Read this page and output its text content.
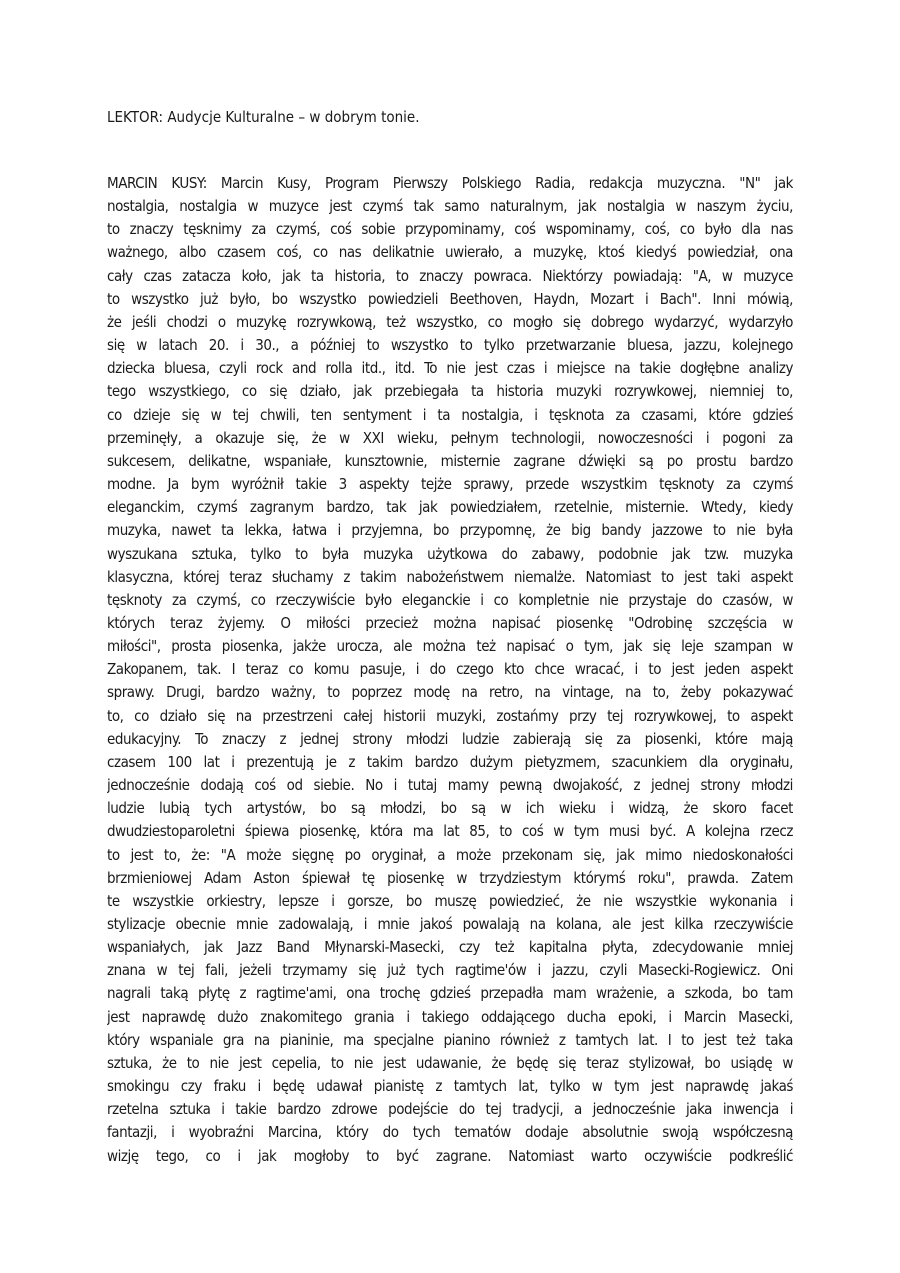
LEKTOR: Audycje Kulturalne – w dobrym tonie.
MARCIN KUSY: Marcin Kusy, Program Pierwszy Polskiego Radia, redakcja muzyczna. "N" jak
nostalgia, nostalgia w muzyce jest czymś tak samo naturalnym, jak nostalgia w naszym życiu,
to znaczy tęsknimy za czymś, coś sobie przypominamy, coś wspominamy, coś, co było dla nas
ważnego, albo czasem coś, co nas delikatnie uwierało, a muzykę, ktoś kiedyś powiedział, ona
cały czas zatacza koło, jak ta historia, to znaczy powraca. Niektórzy powiadają: "A, w muzyce
to wszystko już było, bo wszystko powiedzieli Beethoven, Haydn, Mozart i Bach". Inni mówią,
że jeśli chodzi o muzykę rozrywkową, też wszystko, co mogło się dobrego wydarzyć, wydarzyło
się w latach 20. i 30., a później to wszystko to tylko przetwarzanie bluesa, jazzu, kolejnego
dziecka bluesa, czyli rock and rolla itd., itd. To nie jest czas i miejsce na takie dogłębne analizy
tego wszystkiego, co się działo, jak przebiegała ta historia muzyki rozrywkowej, niemniej to,
co dzieje się w tej chwili, ten sentyment i ta nostalgia, i tęsknota za czasami, które gdzieś
przeminęły, a okazuje się, że w XXI wieku, pełnym technologii, nowoczesności i pogoni za
sukcesem, delikatne, wspaniałe, kunsztownie, misternie zagrane dźwięki są po prostu bardzo
modne. Ja bym wyróżnił takie 3 aspekty tejże sprawy, przede wszystkim tęsknoty za czymś
eleganckim, czymś zagranym bardzo, tak jak powiedziałem, rzetelnie, misternie. Wtedy, kiedy
muzyka, nawet ta lekka, łatwa i przyjemna, bo przypomnę, że big bandy jazzowe to nie była
wyszukana sztuka, tylko to była muzyka użytkowa do zabawy, podobnie jak tzw. muzyka
klasyczna, której teraz słuchamy z takim nabożeństwem niemalże. Natomiast to jest taki aspekt
tęsknoty za czymś, co rzeczywiście było eleganckie i co kompletnie nie przystaje do czasów, w
których teraz żyjemy. O miłości przecież można napisać piosenkę "Odrobinę szczęścia w
miłości", prosta piosenka, jakże urocza, ale można też napisać o tym, jak się leje szampan w
Zakopanem, tak. I teraz co komu pasuje, i do czego kto chce wracać, i to jest jeden aspekt
sprawy. Drugi, bardzo ważny, to poprzez modę na retro, na vintage, na to, żeby pokazywać
to, co działo się na przestrzeni całej historii muzyki, zostańmy przy tej rozrywkowej, to aspekt
edukacyjny. To znaczy z jednej strony młodzi ludzie zabierają się za piosenki, które mają
czasem 100 lat i prezentują je z takim bardzo dużym pietyzmem, szacunkiem dla oryginału,
jednocześnie dodają coś od siebie. No i tutaj mamy pewną dwojakość, z jednej strony młodzi
ludzie lubią tych artystów, bo są młodzi, bo są w ich wieku i widzą, że skoro facet
dwudziestoparoletni śpiewa piosenkę, która ma lat 85, to coś w tym musi być. A kolejna rzecz
to jest to, że: "A może sięgnę po oryginał, a może przekonam się, jak mimo niedoskonałości
brzmieniowej Adam Aston śpiewał tę piosenkę w trzydziestym którymś roku", prawda. Zatem
te wszystkie orkiestry, lepsze i gorsze, bo muszę powiedzieć, że nie wszystkie wykonania i
stylizacje obecnie mnie zadowalają, i mnie jakoś powalają na kolana, ale jest kilka rzeczywiście
wspaniałych, jak Jazz Band Młynarski-Masecki, czy też kapitalna płyta, zdecydowanie mniej
znana w tej fali, jeżeli trzymamy się już tych ragtime'ów i jazzu, czyli Masecki-Rogiewicz. Oni
nagrali taką płytę z ragtime'ami, ona trochę gdzieś przepadła mam wrażenie, a szkoda, bo tam
jest naprawdę dużo znakomitego grania i takiego oddającego ducha epoki, i Marcin Masecki,
który wspaniale gra na pianinie, ma specjalne pianino również z tamtych lat. I to jest też taka
sztuka, że to nie jest cepelia, to nie jest udawanie, że będę się teraz stylizował, bo usiądę w
smokingu czy fraku i będę udawał pianistę z tamtych lat, tylko w tym jest naprawdę jakaś
rzetelna sztuka i takie bardzo zdrowe podejście do tej tradycji, a jednocześnie jaka inwencja i
fantazji, i wyobraźni Marcina, który do tych tematów dodaje absolutnie swoją współczesną
wizję tego, co i jak mogłoby to być zagrane. Natomiast warto oczywiście podkreślić
